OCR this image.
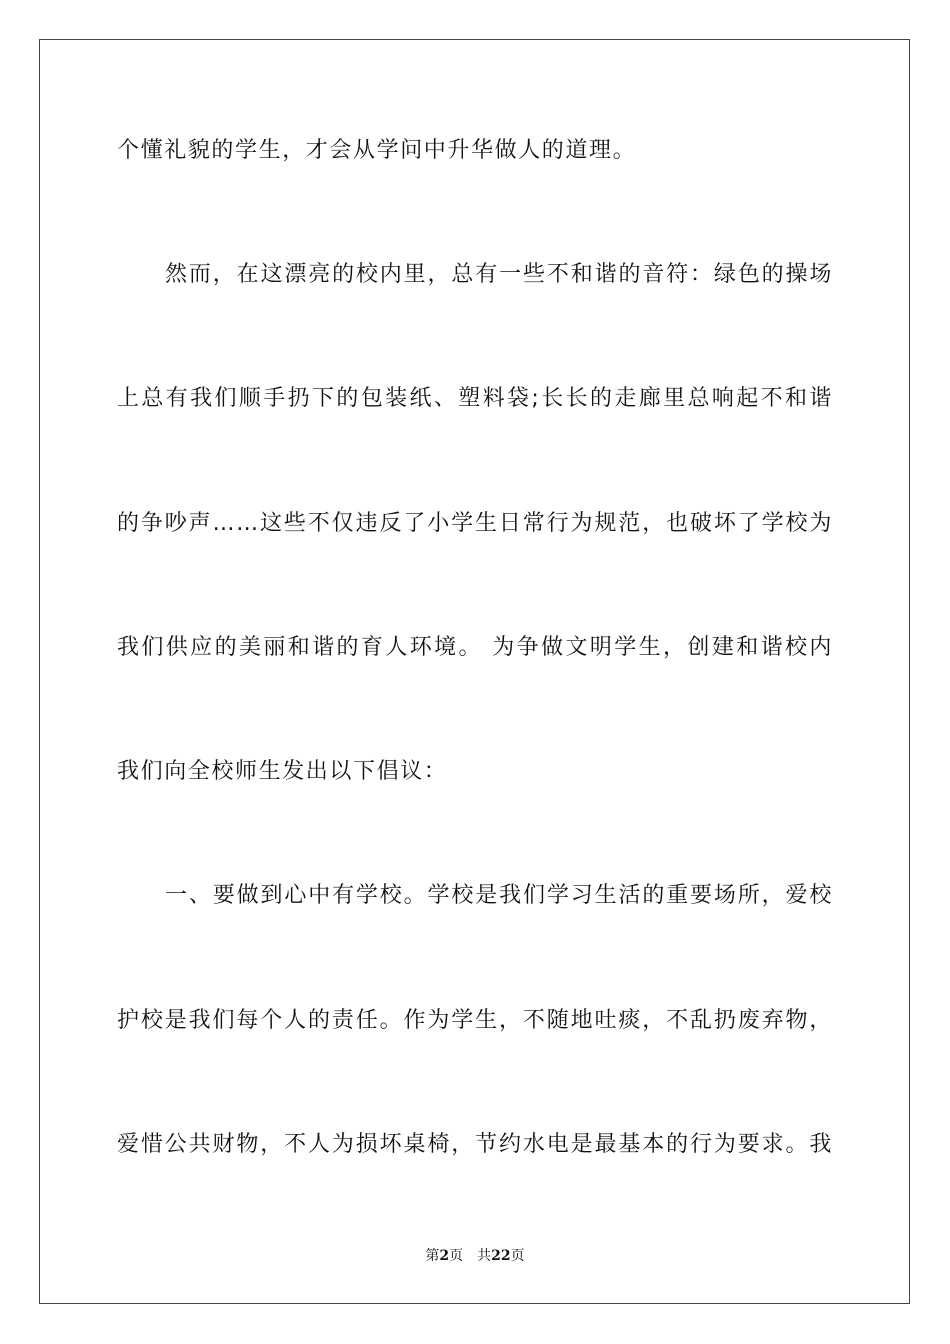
个懂礼貌的学生，才会从学问中升华做人的道理。
然而，在这漂亮的校内里，总有一些不和谐的音符：绿色的操场
上总有我们顺手扔下的包装纸、塑料袋;长长的走廊里总响起不和谐
的争吵声……这些不仅违反了小学生日常行为规范，也破坏了学校为
我们供应的美丽和谐的育人环境。 为争做文明学生，创建和谐校内
我们向全校师生发出以下倡议：
一、要做到心中有学校。学校是我们学习生活的重要场所，爱校
护校是我们每个人的责任。作为学生，不随地吐痰，不乱扔废弃物，
爱惜公共财物，不人为损坏桌椅，节约水电是最基本的行为要求。我
第2页 共22页
